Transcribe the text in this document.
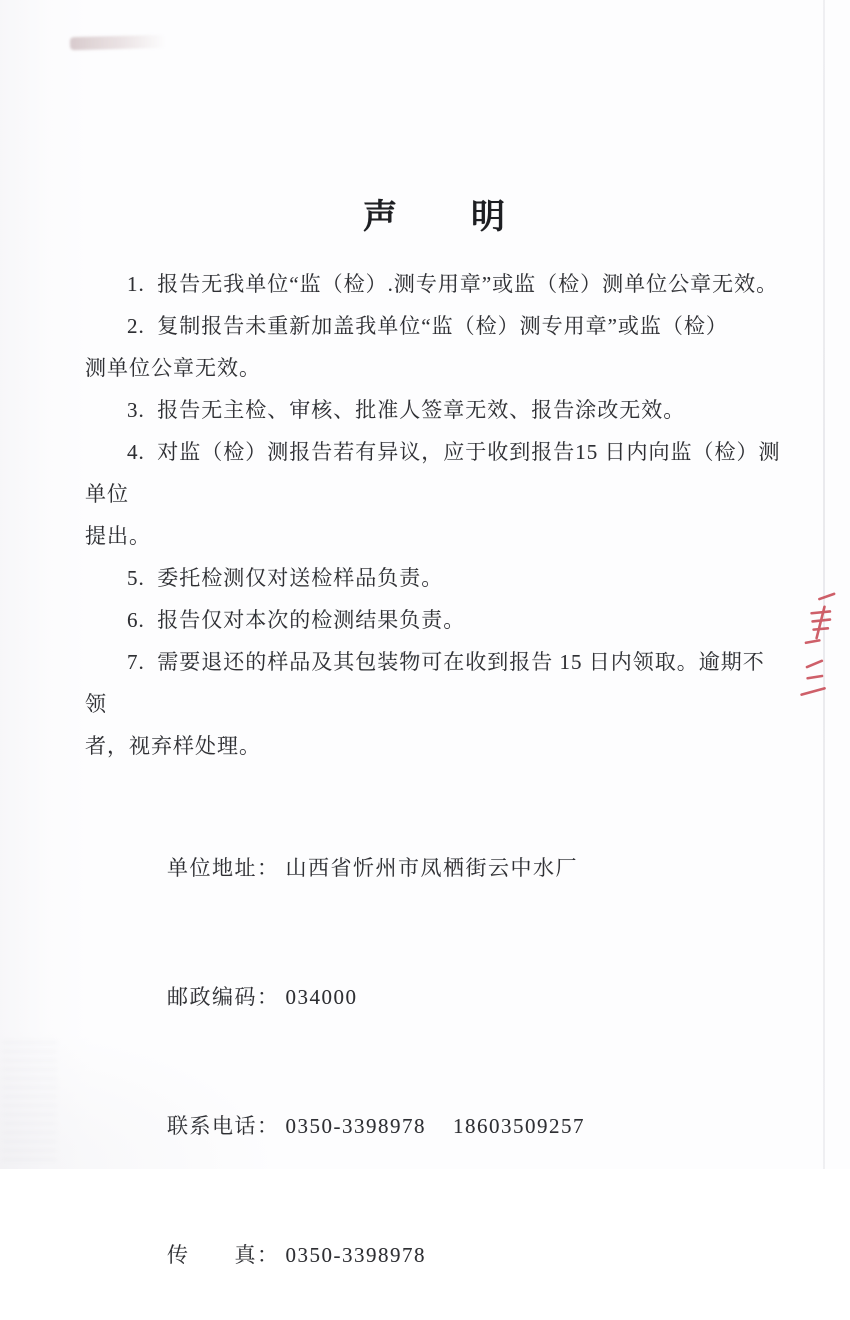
声　　明

1.  报告无我单位“监（检）.测专用章”或监（检）测单位公章无效。

2.  复制报告未重新加盖我单位“监（检）测专用章”或监（检）
测单位公章无效。

3.  报告无主检、审核、批准人签章无效、报告涂改无效。

4.  对监（检）测报告若有异议，应于收到报告15 日内向监（检）测单位
提出。

5.  委托检测仅对送检样品负责。

6.  报告仅对本次的检测结果负责。

7.  需要退还的样品及其包装物可在收到报告 15 日内领取。逾期不领
者，视弃样处理。

单位地址： 山西省忻州市凤栖街云中水厂

邮政编码： 034000

联系电话： 0350-3398978    18603509257

传　　真： 0350-3398978
